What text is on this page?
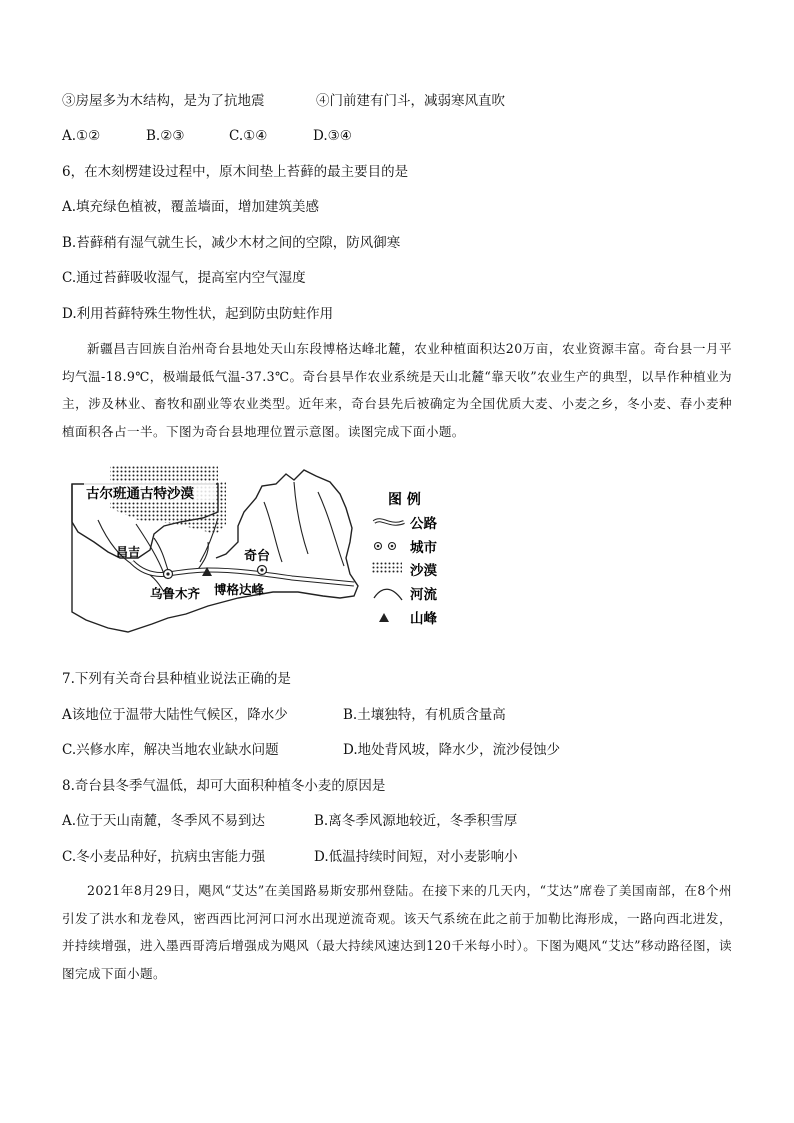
③房屋多为木结构，是为了抗地震	④门前建有门斗，减弱寒风直吹
A.①②	B.②③	C.①④	D.③④
6，在木刻楞建设过程中，原木间垫上苔藓的最主要目的是
A.填充绿色植被，覆盖墙面，增加建筑美感
B.苔藓稍有湿气就生长，减少木材之间的空隙，防风御寒
C.通过苔藓吸收湿气，提高室内空气湿度
D.利用苔藓特殊生物性状，起到防虫防蛀作用
新疆昌吉回族自治州奇台县地处天山东段博格达峰北麓，农业种植面积达20万亩，农业资源丰富。奇台县一月平均气温-18.9℃，极端最低气温-37.3℃。奇台县旱作农业系统是天山北麓“靠天收”农业生产的典型，以旱作种植业为主，涉及林业、畜牧和副业等农业类型。近年来，奇台县先后被确定为全国优质大麦、小麦之乡，冬小麦、春小麦种植面积各占一半。下图为奇台县地理位置示意图。读图完成下面小题。
古尔班通古特沙漠
奇台
昌吉
乌鲁木齐 博格达峰
图 例
公路
城市
沙漠
河流
山峰
7.下列有关奇台县种植业说法正确的是
A该地位于温带大陆性气候区，降水少	B.土壤独特，有机质含量高
C.兴修水库，解决当地农业缺水问题	D.地处背风坡，降水少，流沙侵蚀少
8.奇台县冬季气温低，却可大面积种植冬小麦的原因是
A.位于天山南麓，冬季风不易到达	B.离冬季风源地较近，冬季积雪厚
C.冬小麦品种好，抗病虫害能力强	D.低温持续时间短，对小麦影响小
2021年8月29日，飓风“艾达”在美国路易斯安那州登陆。在接下来的几天内，“艾达”席卷了美国南部，在8个州引发了洪水和龙卷风，密西西比河河口河水出现逆流奇观。该天气系统在此之前于加勒比海形成，一路向西北进发，并持续增强，进入墨西哥湾后增强成为飓风（最大持续风速达到120千米每小时）。下图为飓风“艾达”移动路径图，读图完成下面小题。
